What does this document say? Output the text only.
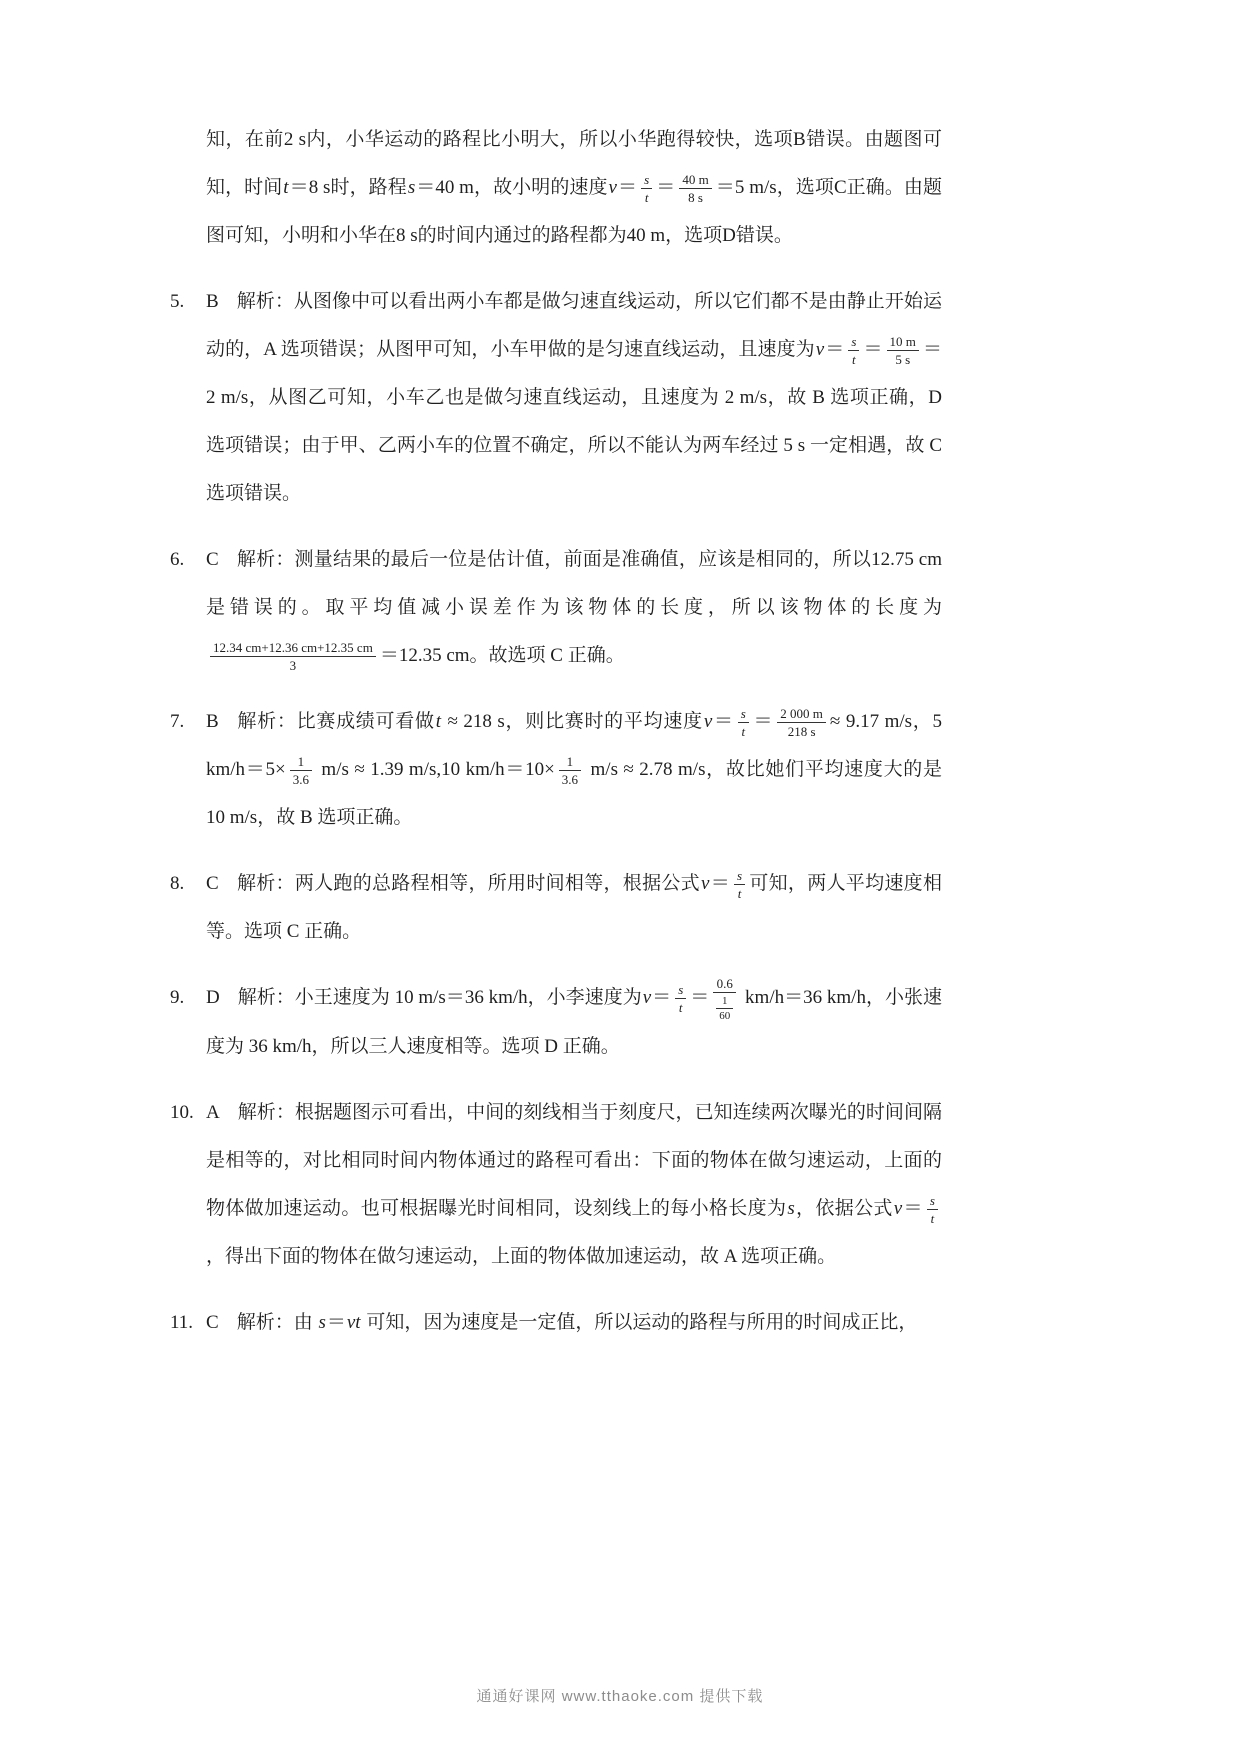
知，在前2 s内，小华运动的路程比小明大，所以小华跑得较快，选项B错误。由题图可知，时间t＝8 s时，路程s＝40 m，故小明的速度$v= \frac{s}{t} = \frac{40 m}{8 s} =5$ m/s，选项C正确。由题图可知，小明和小华在8 s的时间内通过的路程都为40 m，选项D错误。
5. B 解析：从图像中可以看出两小车都是做匀速直线运动，所以它们都不是由静止开始运动的，A 选项错误；从图甲可知，小车甲做的是匀速直线运动，且速度为$v= \frac{s}{t} = \frac{10 m}{5 s} =2$ m/s，从图乙可知，小车乙也是做匀速直线运动，且速度为 2 m/s，故 B 选项正确，D 选项错误；由于甲、乙两小车的位置不确定，所以不能认为两车经过 5 s 一定相遇，故 C 选项错误。
6. C 解析：测量结果的最后一位是估计值，前面是准确值，应该是相同的，所以12.75 cm 是错误的。取平均值减小误差作为该物体的长度，所以该物体的长度为
$\frac{12.34 cm+12.36 cm+12.35 cm}{3} =12.35$ cm。故选项 C 正确。
7. B 解析：比赛成绩可看做t ≈ 218 s，则比赛时的平均速度$v= \frac{s}{t} = \frac{2 000 m}{218 s} \approx 9.17$ m/s，5 $km/h=5\times \frac{1}{3.6} m/s \approx 1.39$ m/s,10 $km/h=10\times \frac{1}{3.6} m/s \approx 2.78$ m/s，故比她们平均速度大的是10 m/s，故 B 选项正确。
8. C 解析：两人跑的总路程相等，所用时间相等，根据公式$v= \frac{s}{t}$ 可知，两人平均速度相等。选项 C 正确。
9. D 解析：小王速度为 10 m/s＝36 km/h，小李速度为$v= \frac{s}{t} = \frac{0.6}{\frac{1}{60}} km/h=36$ km/h，小张速度为 36 km/h，所以三人速度相等。选项 D 正确。
10. A 解析：根据题图示可看出，中间的刻线相当于刻度尺，已知连续两次曝光的时间间隔是相等的，对比相同时间内物体通过的路程可看出：下面的物体在做匀速运动，上面的物体做加速运动。也可根据曝光时间相同，设刻线上的每小格长度为s，依据公式$v= \frac{s}{t}$
，得出下面的物体在做匀速运动，上面的物体做加速运动，故 A 选项正确。
11. C 解析：由 s＝vt 可知，因为速度是一定值，所以运动的路程与所用的时间成正比，
通通好课网 www.tthaoke.com 提供下载
